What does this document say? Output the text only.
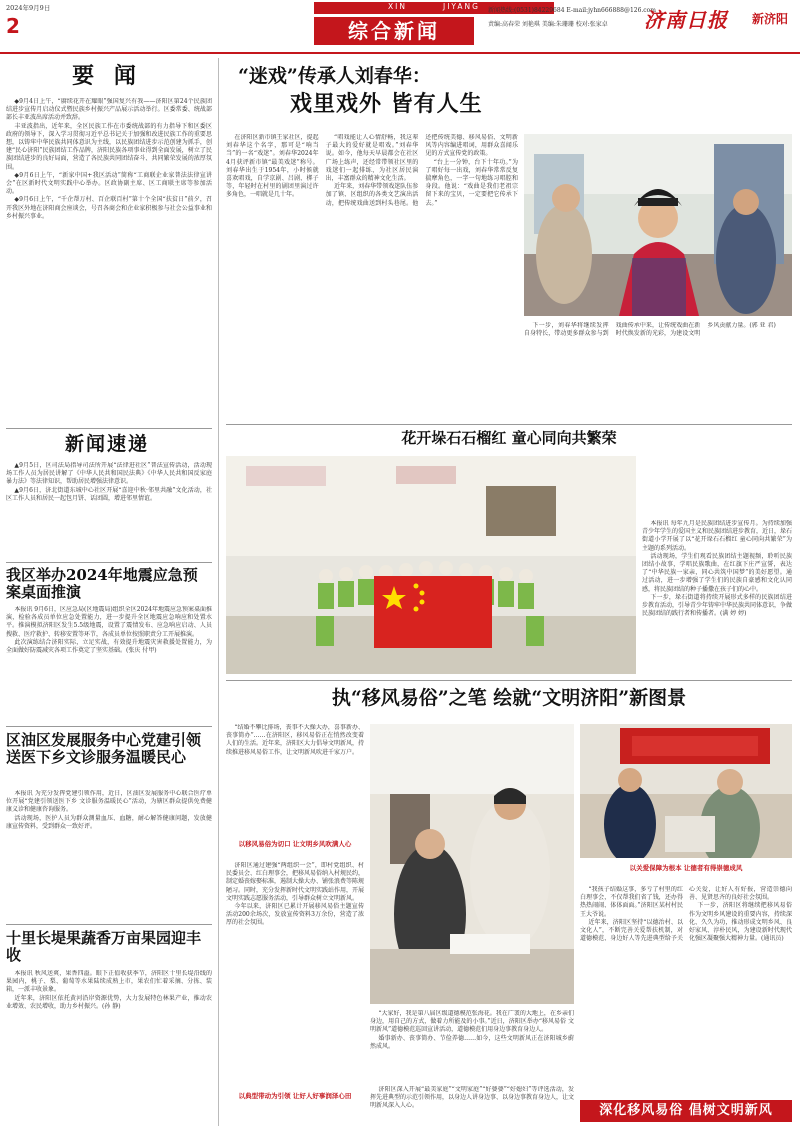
2024年9月9日
2
XIN	JIYANG
综合新闻
新闻热线:(0531)84229684 E-mail:jyhn666888@126.com
责编:高春荣 刘艳琪 美编:朱珊珊 校对:张家卓 济南日报 新济阳
要 闻

◆9月4日上午，“赓续花开在耀眼”强国复兴有我——济阳区第24个民族团结进步宣传月启动仪式暨民族乡村振兴产品展示活动举行。区委常委、统战部部长丰亚波出席活动并致辞。

丰亚波指出，近年来，全区民族工作在市委统战部的有力指导下和区委区政府的领导下，深入学习贯彻习近平总书记关于加强和改进民族工作的重要思想，以铸牢中华民族共同体意识为主线，以民族团结进步示范创建为抓手，创建“民心济阳”民族团结工作品牌，济阳民族各项事业得到全面发展，树立了民族团结进步的良好局面，营造了各民族共同团结奋斗、共同繁荣发展的浓厚氛围。

◆9月6日上午，“新家中国+我区活动”简称“工商联企业家普法法律宣讲会”在区新时代文明实践中心举办。区政协副主席、区工商联主席等参加活动。

◆9月6日上午，“千企帮万村、百企联百村”第十个全国“扶贫日”前夕，召开我区外地在济阳商会座谈会，号召各商会和企业家积极参与社会公益事业和乡村振兴事业。

新闻速递

▲9月5日，区司法局指导司法所开展“法律进社区”普法宣传活动，活动现场工作人员为居民讲解了《中华人民共和国民法典》《中华人民共和国反家庭暴力法》等法律知识，帮助居民增强法律意识。

▲9月6日，济北街道东城中心社区开展“喜迎中秋·邻里共融”文化活动，社区工作人员和居民一起包月饼、话团圆，增进邻里情谊。

我区举办2024年地震应急预案桌面推演

本报讯 9月6日，区应急局(区地震局)组织全区2024年地震应急预案桌面推演，检验各成员单位应急处置能力，进一步提升全区地震应急响应和处置水平。推演模拟济阳区发生5.5级地震，设置了震情发布、应急响应启动、人员搜救、医疗救护、转移安置等环节，各成员单位按照职责分工开展推演。

此次演练结合济阳实际，立足实战，有效提升地震灾害救援处置能力，为全面做好防震减灾各项工作奠定了坚实基础。(张庆 付甲)

区油区发展服务中心党建引领送医下乡文诊服务温暖民心

本报讯 为充分发挥党建引领作用，近日，区油区发展服务中心联合医疗单位开展“党建引领送医下乡 文诊服务温暖民心”活动，为辖区群众提供免费健康义诊和健康咨询服务。

活动现场，医护人员为群众测量血压、血糖，耐心解答健康问题，发放健康宣传资料，受到群众一致好评。

十里长堤果蔬香万亩果园迎丰收

本报讯 秋风送爽，果香四溢。眼下正值收获季节，济阳区十里长堤沿线的果园内，桃子、梨、葡萄等水果陆续成熟上市，果农们忙着采摘、分拣、装箱，一派丰收景象。

近年来，济阳区依托黄河沿岸资源优势，大力发展特色林果产业，推动农业增效、农民增收，助力乡村振兴。(孙 静)

“迷戏”传承人刘春华：
戏里戏外 皆有人生

在济阳区新市镇王家社区，提起刘春华这个名字，那可是“响当当”的一名“戏迷”。刘春华2024年4月获评新市镇“最美戏迷”称号。刘春华出生于1954年，小时候就喜欢唱戏，自学京剧、吕剧、梆子等，年轻时在村里的剧团里演过许多角色，一唱就是几十年。

“唱戏能让人心情舒畅，我这辈子最大的爱好就是唱戏。”刘春华说。如今，他每天早晨都会在社区广场上练声，还经常带领社区里的戏迷们一起排练，为社区居民演出，丰富群众的精神文化生活。

近年来，刘春华带领戏迷队伍参加了镇、区组织的各类文艺演出活动，把传统戏曲送到村头巷尾。他还把传统美德、移风易俗、文明新风等内容编进唱词，用群众喜闻乐见的方式宣传党的政策。

“台上一分钟，台下十年功。”为了唱好每一出戏，刘春华常常反复揣摩角色，一字一句地练习唱腔和身段。他说：“戏曲是我们老祖宗留下来的宝贝，一定要把它传承下去。”

下一步，刘春华将继续发挥自身特长，带动更多群众参与到戏曲传承中来，让传统戏曲在新时代焕发新的光彩，为建设文明乡风贡献力量。(郭 亚 君)

花开垛石石榴红 童心同向共繁荣

本报讯 每年九月是民族团结进步宣传月。为持续加强青少年学生的爱国主义和民族团结进步教育，近日，垛石街道小学开展了以“花开垛石石榴红 童心同向共繁荣”为主题的系列活动。

活动现场，学生们观看民族团结主题视频，聆听民族团结小故事，学唱民族歌曲，在红旗下庄严宣誓，表达了“中华民族一家亲，同心共筑中国梦”的美好愿望。通过活动，进一步增强了学生们的民族自豪感和文化认同感，将民族团结的种子播撒在孩子们的心中。

下一步，垛石街道将持续开展形式多样的民族团结进步教育活动，引导青少年铸牢中华民族共同体意识，争做民族团结的践行者和传播者。(满 婷 婷)

执“移风易俗”之笔 绘就“文明济阳”新图景

“结婚不攀比排场，丧事不大操大办，喜事新办、丧事简办”……在济阳区，移风易俗正在悄然改变着人们的生活。近年来，济阳区大力倡导文明新风，持续推进移风易俗工作，让文明新风吹进千家万户。

以移风易俗为切口 让文明乡风吹满人心

济阳区通过建强“两组织一会”，即村党组织、村民委员会、红白理事会，把移风易俗纳入村规民约，制定婚丧嫁娶标准，遏制大操大办、铺张浪费等陈规陋习。同时，充分发挥新时代文明实践站作用，开展文明实践志愿服务活动，引导群众树立文明新风。

今年以来，济阳区已累计开展移风易俗主题宣传活动200余场次，发放宣传资料3万余份，营造了浓厚的社会氛围。

“大家好，我是第八届区级道德模范张海花。我在广袤的大地上，在乡亲们身边，用自己的方式，做着力所能及的小事。”近日，济阳区举办“移风易俗 文明新风”道德模范巡回宣讲活动，道德模范们用身边事教育身边人。

婚事新办、丧事简办、节俭养德……如今，这些文明新风正在济阳城乡蔚然成风。

以典型带动为引领 让好人好事润泽心田

济阳区深入开展“最美家庭”“文明家庭”“好婆婆”“好媳妇”等评选活动，发挥先进典型的示范引领作用，以身边人讲身边事、以身边事教育身边人，让文明新风深入人心。

以关爱保障为根本 让德者有得崇德成风

“我孩子结婚这事，多亏了村里的红白理事会，不仅帮我们省了钱，还办得热热闹闹、体体面面。”济阳区某村村民王大爷说。

近年来，济阳区坚持“以德治村、以文化人”，不断完善关爱帮扶机制，对道德模范、身边好人等先进典型给予关心关爱，让好人有好报，营造崇德向善、见贤思齐的良好社会氛围。

下一步，济阳区将继续把移风易俗作为文明乡风建设的重要内容，持续深化、久久为功，推动形成文明乡风、良好家风、淳朴民风，为建设新时代现代化强区凝聚强大精神力量。(通讯员)

深化移风易俗 倡树文明新风
